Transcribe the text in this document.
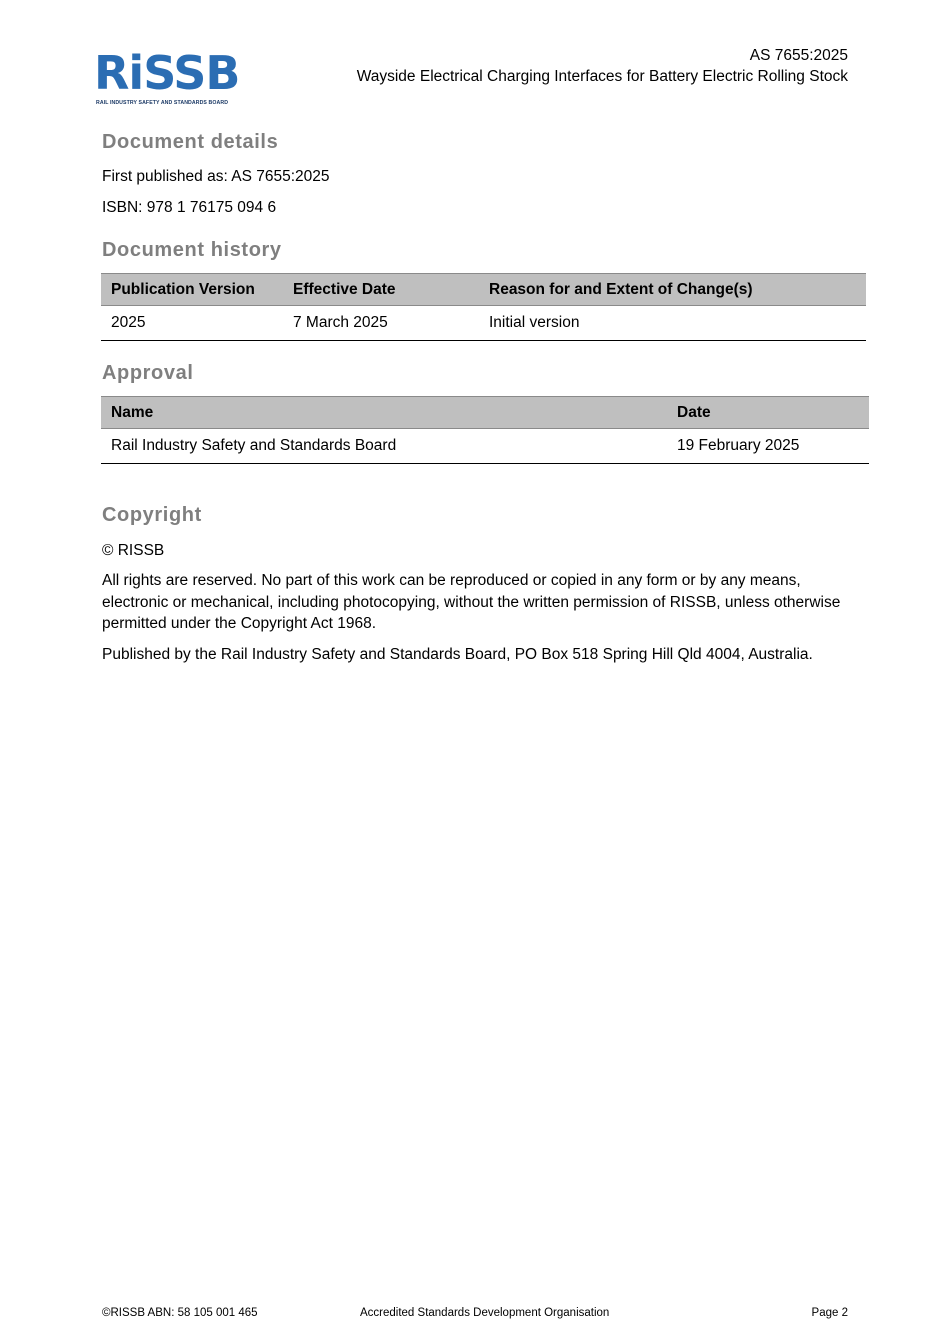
RiSSB
RAIL INDUSTRY SAFETY AND STANDARDS BOARD
AS 7655:2025
Wayside Electrical Charging Interfaces for Battery Electric Rolling Stock
Document details

First published as: AS 7655:2025

ISBN: 978 1 76175 094 6

Document history
Publication Version	Effective Date	Reason for and Extent of Change(s)
2025	7 March 2025	Initial version
Approval
Name	Date
Rail Industry Safety and Standards Board	19 February 2025
Copyright

© RISSB

All rights are reserved. No part of this work can be reproduced or copied in any form or by any means, electronic or mechanical, including photocopying, without the written permission of RISSB, unless otherwise permitted under the Copyright Act 1968.

Published by the Rail Industry Safety and Standards Board, PO Box 518 Spring Hill Qld 4004, Australia.

©RISSB ABN: 58 105 001 465	Accredited Standards Development Organisation	Page 2
